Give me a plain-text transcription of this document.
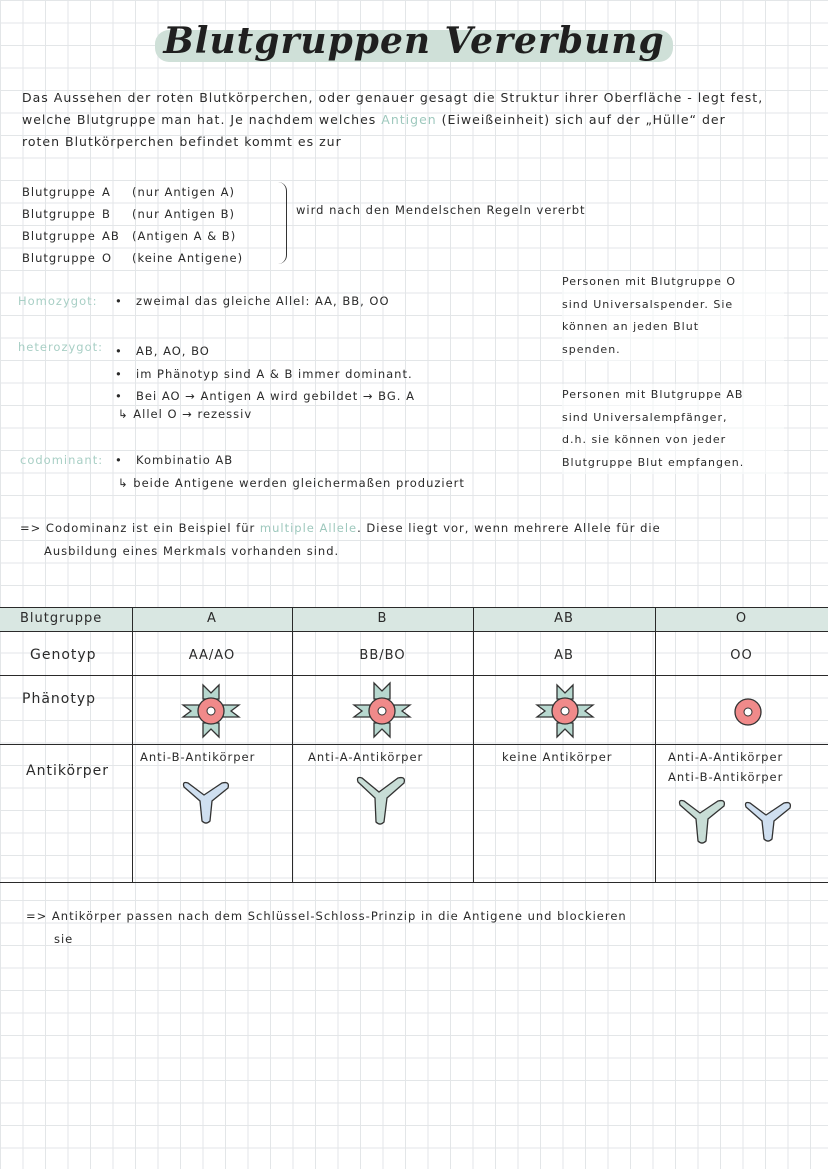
Blutgruppen Vererbung
Das Aussehen der roten Blutkörperchen, oder genauer gesagt die Struktur ihrer Oberfläche - legt fest,
welche Blutgruppe man hat. Je nachdem welches Antigen (Eiweißeinheit) sich auf der „Hülle“ der
roten Blutkörperchen befindet kommt es zur
Blutgruppe A (nur Antigen A)
Blutgruppe B (nur Antigen B)
Blutgruppe AB (Antigen A & B)
Blutgruppe O (keine Antigene)
wird nach den Mendelschen Regeln vererbt
Homozygot: • zweimal das gleiche Allel: AA, BB, OO
heterozygot: •
•
•
AB, AO, BO
im Phänotyp sind A & B immer dominant.
Bei AO → Antigen A wird gebildet → BG. A
↳ Allel O → rezessiv
codominant: • Kombinatio AB
↳ beide Antigene werden gleichermaßen produziert
Personen mit Blutgruppe O
sind Universalspender. Sie
können an jeden Blut
spenden.
Personen mit Blutgruppe AB
sind Universalempfänger,
d.h. sie können von jeder
Blutgruppe Blut empfangen.
=> Codominanz ist ein Beispiel für multiple Allele. Diese liegt vor, wenn mehrere Allele für die
Ausbildung eines Merkmals vorhanden sind.
Blutgruppe	A	B	AB	O
Genotyp	AA/AO	BB/BO	AB	OO
Phänotyp
Antikörper
Anti-B-Antikörper	Anti-A-Antikörper	keine Antikörper	Anti-A-Antikörper
Anti-B-Antikörper
=> Antikörper passen nach dem Schlüssel-Schloss-Prinzip in die Antigene und blockieren
sie
